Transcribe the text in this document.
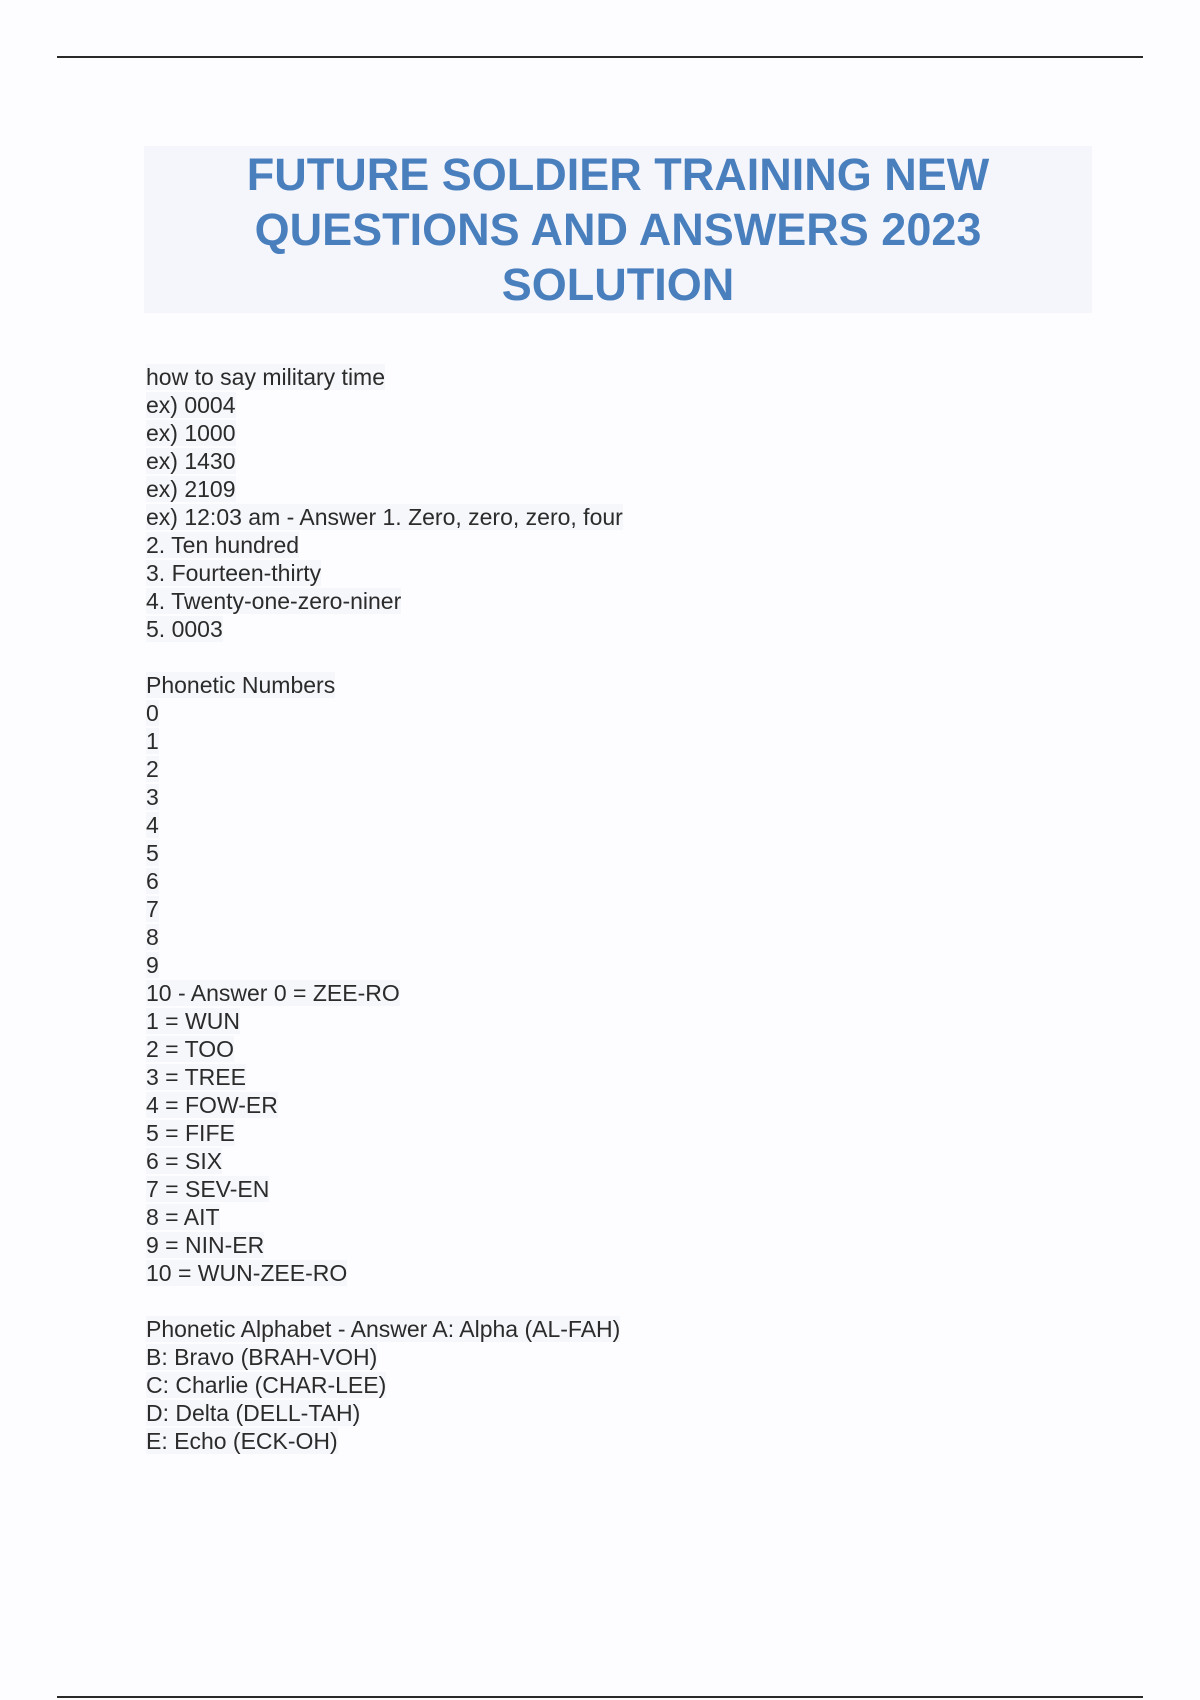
FUTURE SOLDIER TRAINING NEW QUESTIONS AND ANSWERS 2023 SOLUTION
how to say military time
ex) 0004
ex) 1000
ex) 1430
ex) 2109
ex) 12:03 am - Answer 1. Zero, zero, zero, four
2. Ten hundred
3. Fourteen-thirty
4. Twenty-one-zero-niner
5. 0003
Phonetic Numbers
0
1
2
3
4
5
6
7
8
9
10 - Answer 0 = ZEE-RO
1 = WUN
2 = TOO
3 = TREE
4 = FOW-ER
5 = FIFE
6 = SIX
7 = SEV-EN
8 = AIT
9 = NIN-ER
10 = WUN-ZEE-RO
Phonetic Alphabet - Answer A: Alpha (AL-FAH)
B: Bravo (BRAH-VOH)
C: Charlie (CHAR-LEE)
D: Delta (DELL-TAH)
E: Echo (ECK-OH)
